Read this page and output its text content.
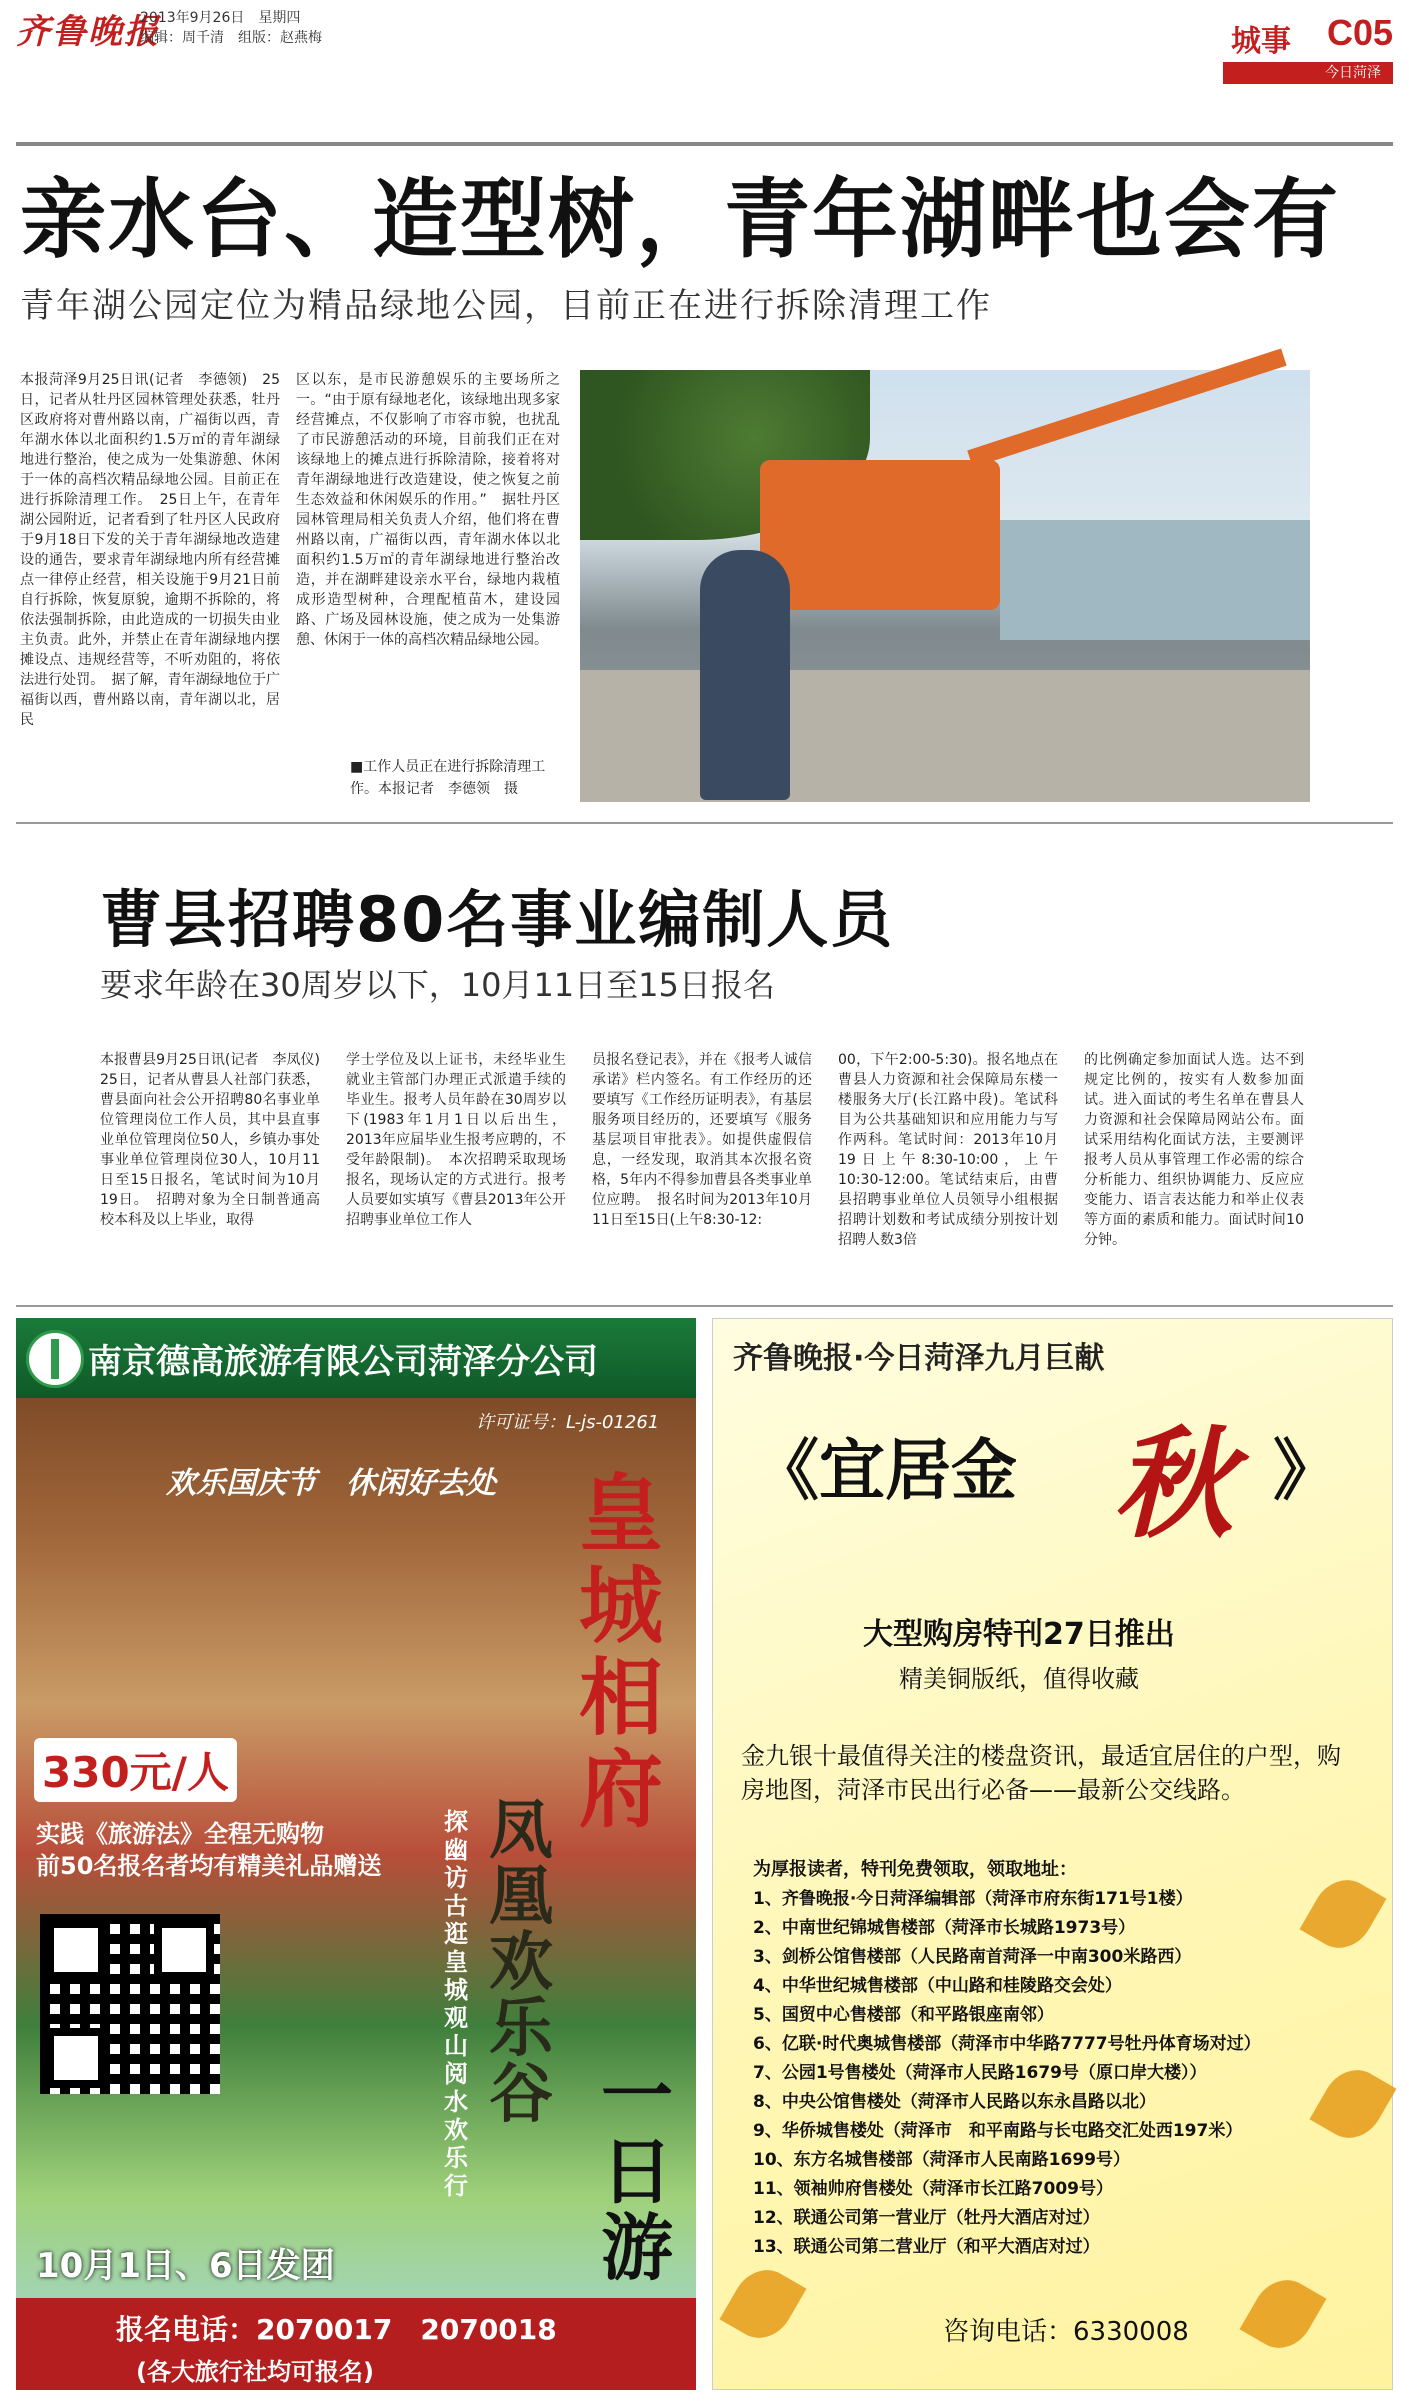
齐鲁晚报
2013年9月26日　星期四
编辑：周千清　组版：赵燕梅	城事 C05
今日菏泽
亲水台、造型树，青年湖畔也会有
青年湖公园定位为精品绿地公园，目前正在进行拆除清理工作
本报菏泽9月25日讯(记者　李德领)　25日，记者从牡丹区园林管理处获悉，牡丹区政府将对曹州路以南，广福街以西，青年湖水体以北面积约1.5万㎡的青年湖绿地进行整治，使之成为一处集游憩、休闲于一体的高档次精品绿地公园。目前正在进行拆除清理工作。　25日上午，在青年湖公园附近，记者看到了牡丹区人民政府于9月18日下发的关于青年湖绿地改造建设的通告，要求青年湖绿地内所有经营摊点一律停止经营，相关设施于9月21日前自行拆除，恢复原貌，逾期不拆除的，将依法强制拆除，由此造成的一切损失由业主负责。此外，并禁止在青年湖绿地内摆摊设点、违规经营等，不听劝阻的，将依法进行处罚。　据了解，青年湖绿地位于广福街以西，曹州路以南，青年湖以北，居民
区以东，是市民游憩娱乐的主要场所之一。“由于原有绿地老化，该绿地出现多家经营摊点，不仅影响了市容市貌，也扰乱了市民游憩活动的环境，目前我们正在对该绿地上的摊点进行拆除清除，接着将对青年湖绿地进行改造建设，使之恢复之前生态效益和休闲娱乐的作用。”　据牡丹区园林管理局相关负责人介绍，他们将在曹州路以南，广福街以西，青年湖水体以北面积约1.5万㎡的青年湖绿地进行整治改造，并在湖畔建设亲水平台，绿地内栽植成形造型树种，合理配植苗木，建设园路、广场及园林设施，使之成为一处集游憩、休闲于一体的高档次精品绿地公园。
■工作人员正在进行拆除清理工作。本报记者　李德领　摄
曹县招聘80名事业编制人员
要求年龄在30周岁以下，10月11日至15日报名
本报曹县9月25日讯(记者　李凤仪)　25日，记者从曹县人社部门获悉，曹县面向社会公开招聘80名事业单位管理岗位工作人员，其中县直事业单位管理岗位50人，乡镇办事处事业单位管理岗位30人，10月11日至15日报名，笔试时间为10月19日。　招聘对象为全日制普通高校本科及以上毕业，取得
学士学位及以上证书，未经毕业生就业主管部门办理正式派遣手续的毕业生。报考人员年龄在30周岁以下(1983年1月1日以后出生，2013年应届毕业生报考应聘的，不受年龄限制)。　本次招聘采取现场报名，现场认定的方式进行。报考人员要如实填写《曹县2013年公开招聘事业单位工作人
员报名登记表》，并在《报考人诚信承诺》栏内签名。有工作经历的还要填写《工作经历证明表》，有基层服务项目经历的，还要填写《服务基层项目审批表》。如提供虚假信息，一经发现，取消其本次报名资格，5年内不得参加曹县各类事业单位应聘。　报名时间为2013年10月11日至15日(上午8:30-12:
00，下午2:00-5:30)。报名地点在曹县人力资源和社会保障局东楼一楼服务大厅(长江路中段)。笔试科目为公共基础知识和应用能力与写作两科。笔试时间：2013年10月19日上午8:30-10:00，上午10:30-12:00。笔试结束后，由曹县招聘事业单位人员领导小组根据招聘计划数和考试成绩分别按计划招聘人数3倍
的比例确定参加面试人选。达不到规定比例的，按实有人数参加面试。进入面试的考生名单在曹县人力资源和社会保障局网站公布。面试采用结构化面试方法，主要测评报考人员从事管理工作必需的综合分析能力、组织协调能力、反应应变能力、语言表达能力和举止仪表等方面的素质和能力。面试时间10分钟。
南京德高旅游有限公司菏泽分公司
许可证号：L-js-01261
欢乐国庆节　休闲好去处 皇城相府
凤凰欢乐谷
探幽访古逛皇城　观山阅水欢乐行
一日游
330元/人
实践《旅游法》全程无购物
前50名报名者均有精美礼品赠送
10月1日、6日发团
报名电话：2070017　2070018
(各大旅行社均可报名)
齐鲁晚报·今日菏泽九月巨献
《宜居金 秋 》
大型购房特刊27日推出
精美铜版纸，值得收藏
金九银十最值得关注的楼盘资讯，最适宜居住的户型，购房地图，菏泽市民出行必备——最新公交线路。
为厚报读者，特刊免费领取，领取地址：
1、齐鲁晚报·今日菏泽编辑部（菏泽市府东街171号1楼）
2、中南世纪锦城售楼部（菏泽市长城路1973号）
3、剑桥公馆售楼部（人民路南首菏泽一中南300米路西）
4、中华世纪城售楼部（中山路和桂陵路交会处）
5、国贸中心售楼部（和平路银座南邻）
6、亿联·时代奥城售楼部（菏泽市中华路7777号牡丹体育场对过）
7、公园1号售楼处（菏泽市人民路1679号（原口岸大楼））
8、中央公馆售楼处（菏泽市人民路以东永昌路以北）
9、华侨城售楼处（菏泽市　和平南路与长屯路交汇处西197米）
10、东方名城售楼部（菏泽市人民南路1699号）
11、领袖帅府售楼处（菏泽市长江路7009号）
12、联通公司第一营业厅（牡丹大酒店对过）
13、联通公司第二营业厅（和平大酒店对过）
咨询电话：6330008
